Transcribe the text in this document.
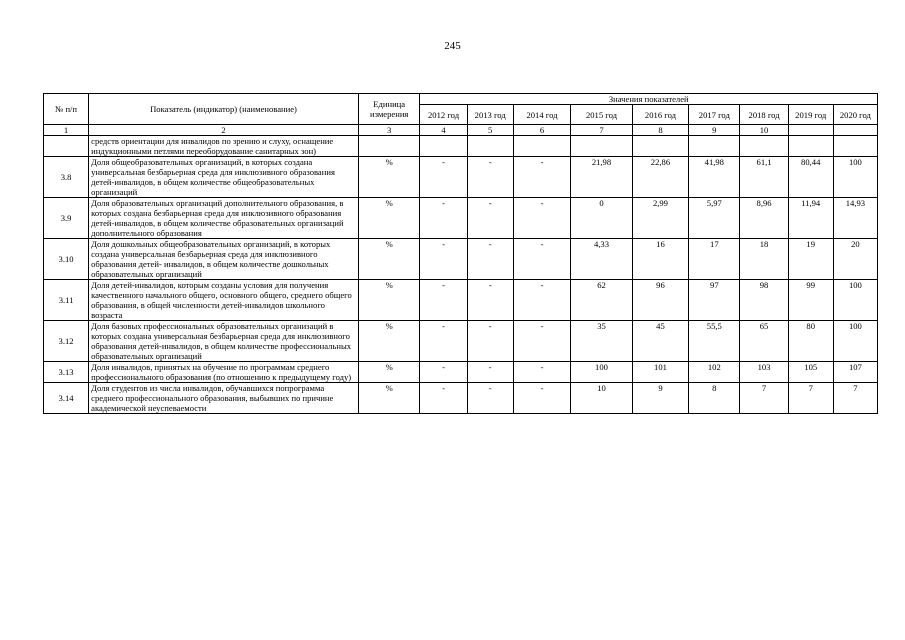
245
№ п/п	Показатель (индикатор) (наименование)	Единица измерения	Значения показателей								
			2012 год	2013 год	2014 год	2015 год	2016 год	2017 год	2018 год	2019 год	2020 год
1	2	3	4	5	6	7	8	9	10		
	средств ориентации для инвалидов по зрению и слуху, оснащение индукционными петлями переоборудование санитарных зон)										
3.8	Доля общеобразовательных организаций, в которых создана универсальная безбарьерная среда для инклюзивного образования детей-инвалидов, в общем количестве общеобразовательных организаций	%	-	-	-	21,98	22,86	41,98	61,1	80,44	100
3.9	Доля образовательных организаций дополнительного образования, в которых создана безбарьерная среда для инклюзивного образования детей-инвалидов, в общем количестве образовательных организаций дополнительного образования	%	-	-	-	0	2,99	5,97	8,96	11,94	14,93
3.10	Доля дошкольных общеобразовательных организаций, в которых создана универсальная безбарьерная среда для инклюзивного образования детей- инвалидов, в общем количестве дошкольных образовательных организаций	%	-	-	-	4,33	16	17	18	19	20
3.11	Доля детей-инвалидов, которым созданы условия для получения качественного начального общего, основного общего, среднего общего образования, в общей численности детей-инвалидов школьного возраста	%	-	-	-	62	96	97	98	99	100
3.12	Доля базовых профессиональных образовательных организаций в которых создана универсальная безбарьерная среда для инклюзивного образования детей-инвалидов, в общем количестве профессиональных образовательных организаций	%	-	-	-	35	45	55,5	65	80	100
3.13	Доля инвалидов, принятых на обучение по программам среднего профессионального образования (по отношению к предыдущему году)	%	-	-	-	100	101	102	103	105	107
3.14	Доля студентов из числа инвалидов, обучавшихся попрограмма среднего профессионального образования, выбывших по причине академической неуспеваемости	%	-	-	-	10	9	8	7	7	7
